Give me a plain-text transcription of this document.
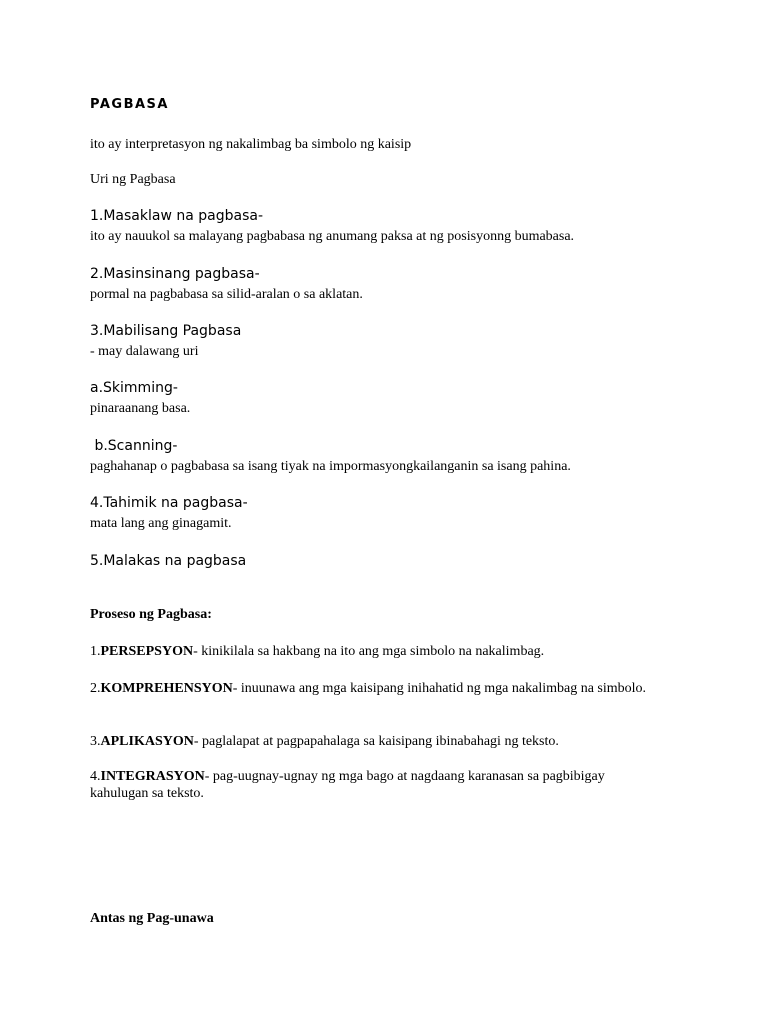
PAGBASA
ito ay interpretasyon ng nakalimbag ba simbolo ng kaisip
Uri ng Pagbasa
1.Masaklaw na pagbasa-
ito ay nauukol sa malayang pagbabasa ng anumang paksa at ng posisyonng bumabasa.
2.Masinsinang pagbasa-
pormal na pagbabasa sa silid-aralan o sa aklatan.
3.Mabilisang Pagbasa
- may dalawang uri
a.Skimming-
pinaraanang basa.
b.Scanning-
paghahanap o pagbabasa sa isang tiyak na impormasyongkailanganin sa isang pahina.
4.Tahimik na pagbasa-
mata lang ang ginagamit.
5.Malakas na pagbasa
Proseso ng Pagbasa:
1.PERSEPSYON- kinikilala sa hakbang na ito ang mga simbolo na nakalimbag.
2.KOMPREHENSYON- inuunawa ang mga kaisipang inihahatid ng mga nakalimbag na simbolo.
3.APLIKASYON- paglalapat at pagpapahalaga sa kaisipang ibinabahagi ng teksto.
4.INTEGRASYON- pag-uugnay-ugnay ng mga bago at nagdaang karanasan sa pagbibigay kahulugan sa teksto.
Antas ng Pag-unawa
